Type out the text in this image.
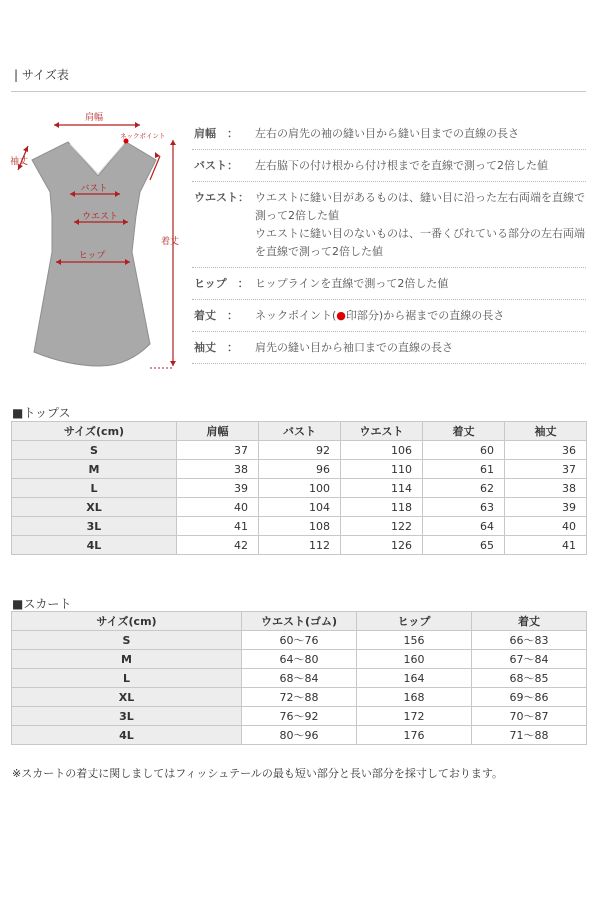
| サイズ表
肩幅
ネックポイント
袖丈
バスト
ウエスト
ヒップ
着丈
肩幅　： 左右の肩先の袖の縫い目から縫い目までの直線の長さ
バスト： 左右脇下の付け根から付け根までを直線で測って2倍した値
ウエスト： ウエストに縫い目があるものは、縫い目に沿った左右両端を直線で測って2倍した値
ウエストに縫い目のないものは、一番くびれている部分の左右両端を直線で測って2倍した値
ヒップ　： ヒップラインを直線で測って2倍した値
着丈　： ネックポイント(●印部分)から裾までの直線の長さ
袖丈　： 肩先の縫い目から袖口までの直線の長さ
■トップス
サイズ(cm)	肩幅	バスト	ウエスト	着丈	袖丈
S	37	92	106	60	36
M	38	96	110	61	37
L	39	100	114	62	38
XL	40	104	118	63	39
3L	41	108	122	64	40
4L	42	112	126	65	41
■スカート
サイズ(cm)	ウエスト(ゴム)	ヒップ	着丈
S	60～76	156	66～83
M	64～80	160	67～84
L	68～84	164	68～85
XL	72～88	168	69～86
3L	76～92	172	70～87
4L	80～96	176	71～88
※スカートの着丈に関しましてはフィッシュテールの最も短い部分と長い部分を採寸しております。
